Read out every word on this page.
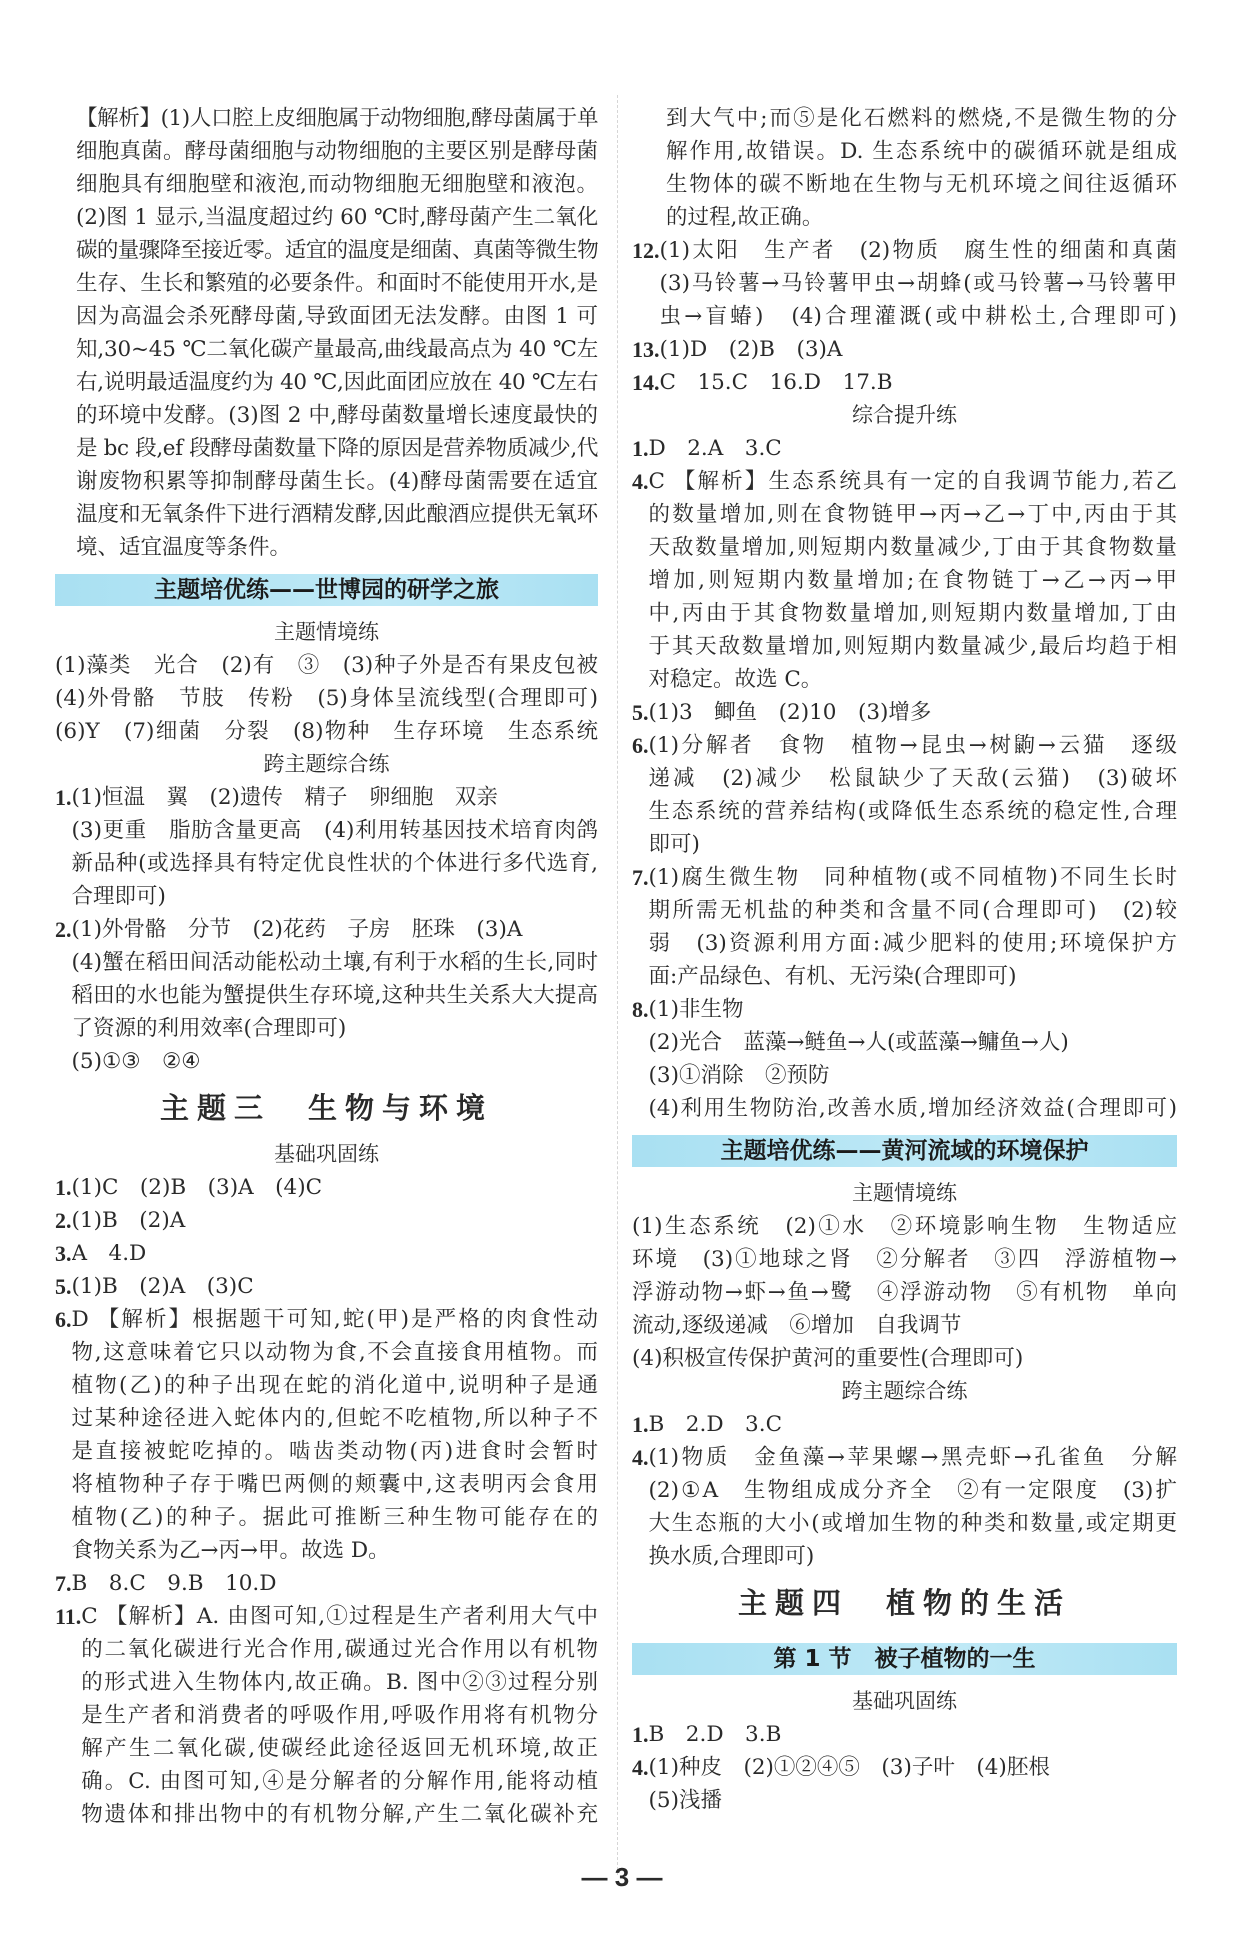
【解析】(1)人口腔上皮细胞属于动物细胞,酵母菌属于单
细胞真菌。酵母菌细胞与动物细胞的主要区别是酵母菌
细胞具有细胞壁和液泡,而动物细胞无细胞壁和液泡。
(2)图 1 显示,当温度超过约 60 ℃时,酵母菌产生二氧化
碳的量骤降至接近零。适宜的温度是细菌、真菌等微生物
生存、生长和繁殖的必要条件。和面时不能使用开水,是
因为高温会杀死酵母菌,导致面团无法发酵。由图 1 可
知,30~45 ℃二氧化碳产量最高,曲线最高点为 40 ℃左
右,说明最适温度约为 40 ℃,因此面团应放在 40 ℃左右
的环境中发酵。(3)图 2 中,酵母菌数量增长速度最快的
是 bc 段,ef 段酵母菌数量下降的原因是营养物质减少,代
谢废物积累等抑制酵母菌生长。(4)酵母菌需要在适宜
温度和无氧条件下进行酒精发酵,因此酿酒应提供无氧环
境、适宜温度等条件。
主题培优练——世博园的研学之旅
主题情境练
(1)藻类　光合　(2)有　③　(3)种子外是否有果皮包被
(4)外骨骼　节肢　传粉　(5)身体呈流线型(合理即可)
(6)Y　(7)细菌　分裂　(8)物种　生存环境　生态系统
跨主题综合练
1. (1)恒温　翼　(2)遗传　精子　卵细胞　双亲
(3)更重　脂肪含量更高　(4)利用转基因技术培育肉鸽
新品种(或选择具有特定优良性状的个体进行多代选育,
合理即可)
2. (1)外骨骼　分节　(2)花药　子房　胚珠　(3)A
(4)蟹在稻田间活动能松动土壤,有利于水稻的生长,同时
稻田的水也能为蟹提供生存环境,这种共生关系大大提高
了资源的利用效率(合理即可)
(5)①③　②④
主题三　生物与环境
基础巩固练
1. (1)C　(2)B　(3)A　(4)C
2. (1)B　(2)A
3. A　4.D
5. (1)B　(2)A　(3)C
6. D 【解析】根据题干可知,蛇(甲)是严格的肉食性动
物,这意味着它只以动物为食,不会直接食用植物。而
植物(乙)的种子出现在蛇的消化道中,说明种子是通
过某种途径进入蛇体内的,但蛇不吃植物,所以种子不
是直接被蛇吃掉的。啮齿类动物(丙)进食时会暂时
将植物种子存于嘴巴两侧的颊囊中,这表明丙会食用
植物(乙)的种子。据此可推断三种生物可能存在的
食物关系为乙→丙→甲。故选 D。
7. B　8.C　9.B　10.D
11. C 【解析】A. 由图可知,①过程是生产者利用大气中
的二氧化碳进行光合作用,碳通过光合作用以有机物
的形式进入生物体内,故正确。B. 图中②③过程分别
是生产者和消费者的呼吸作用,呼吸作用将有机物分
解产生二氧化碳,使碳经此途径返回无机环境,故正
确。C. 由图可知,④是分解者的分解作用,能将动植
物遗体和排出物中的有机物分解,产生二氧化碳补充
到大气中;而⑤是化石燃料的燃烧,不是微生物的分
解作用,故错误。D. 生态系统中的碳循环就是组成
生物体的碳不断地在生物与无机环境之间往返循环
的过程,故正确。
12. (1)太阳　生产者　(2)物质　腐生性的细菌和真菌
(3)马铃薯→马铃薯甲虫→胡蜂(或马铃薯→马铃薯甲
虫→盲蝽)　(4)合理灌溉(或中耕松土,合理即可)
13. (1)D　(2)B　(3)A
14. C　15.C　16.D　17.B
综合提升练
1. D　2.A　3.C
4. C 【解析】生态系统具有一定的自我调节能力,若乙
的数量增加,则在食物链甲→丙→乙→丁中,丙由于其
天敌数量增加,则短期内数量减少,丁由于其食物数量
增加,则短期内数量增加;在食物链丁→乙→丙→甲
中,丙由于其食物数量增加,则短期内数量增加,丁由
于其天敌数量增加,则短期内数量减少,最后均趋于相
对稳定。故选 C。
5. (1)3　鲫鱼　(2)10　(3)增多
6. (1)分解者　食物　植物→昆虫→树鼩→云猫　逐级
递减　(2)减少　松鼠缺少了天敌(云猫)　(3)破坏
生态系统的营养结构(或降低生态系统的稳定性,合理
即可)
7. (1)腐生微生物　同种植物(或不同植物)不同生长时
期所需无机盐的种类和含量不同(合理即可)　(2)较
弱　(3)资源利用方面:减少肥料的使用;环境保护方
面:产品绿色、有机、无污染(合理即可)
8. (1)非生物
(2)光合　蓝藻→鲢鱼→人(或蓝藻→鳙鱼→人)
(3)①消除　②预防
(4)利用生物防治,改善水质,增加经济效益(合理即可)
主题培优练——黄河流域的环境保护
主题情境练
(1)生态系统　(2)①水　②环境影响生物　生物适应
环境　(3)①地球之肾　②分解者　③四　浮游植物→
浮游动物→虾→鱼→鹭　④浮游动物　⑤有机物　单向
流动,逐级递减　⑥增加　自我调节
(4)积极宣传保护黄河的重要性(合理即可)
跨主题综合练
1. B　2.D　3.C
4. (1)物质　金鱼藻→苹果螺→黑壳虾→孔雀鱼　分解
(2)①A　生物组成成分齐全　②有一定限度　(3)扩
大生态瓶的大小(或增加生物的种类和数量,或定期更
换水质,合理即可)
主题四　植物的生活
第 1 节　被子植物的一生
基础巩固练
1. B　2.D　3.B
4. (1)种皮　(2)①②④⑤　(3)子叶　(4)胚根
(5)浅播
— 3 —
